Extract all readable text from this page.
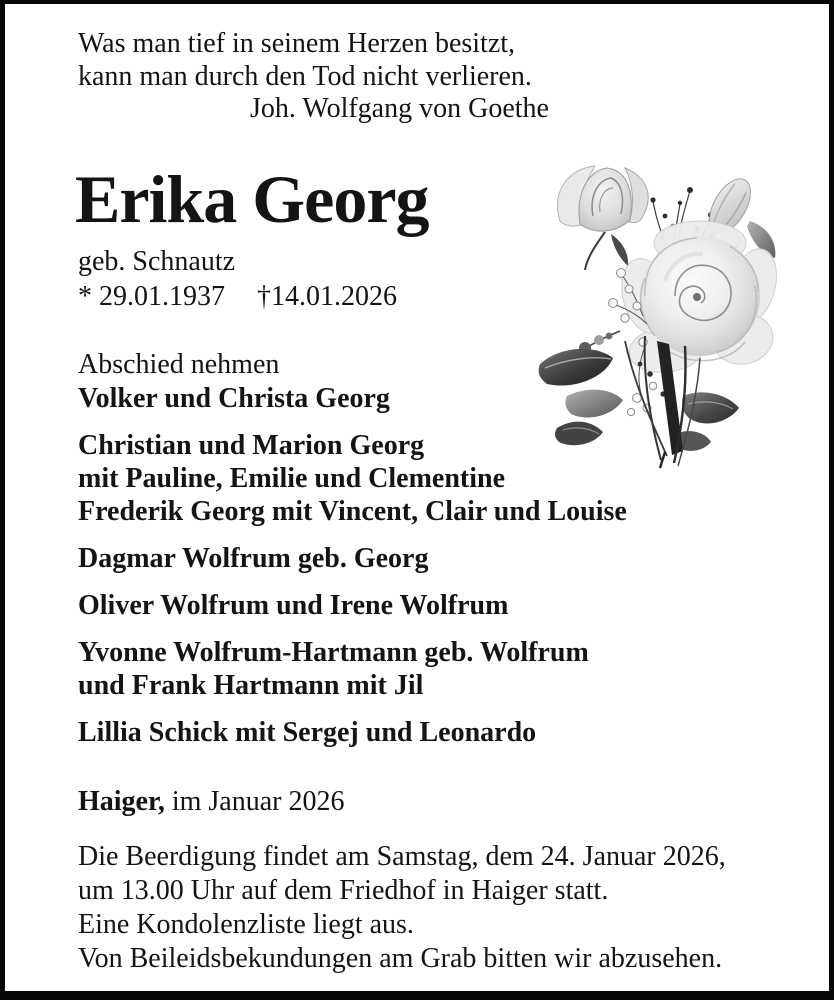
Was man tief in seinem Herzen besitzt,
kann man durch den Tod nicht verlieren.
Joh. Wolfgang von Goethe
Erika Georg
geb. Schnautz
* 29.01.1937 †14.01.2026

Abschied nehmen

Volker und Christa Georg

Christian und Marion Georg
mit Pauline, Emilie und Clementine
Frederik Georg mit Vincent, Clair und Louise

Dagmar Wolfrum geb. Georg

Oliver Wolfrum und Irene Wolfrum

Yvonne Wolfrum-Hartmann geb. Wolfrum
und Frank Hartmann mit Jil

Lillia Schick mit Sergej und Leonardo

Haiger, im Januar 2026

Die Beerdigung findet am Samstag, dem 24. Januar 2026,

um 13.00 Uhr auf dem Friedhof in Haiger statt.

Eine Kondolenzliste liegt aus.

Von Beileidsbekundungen am Grab bitten wir abzusehen.
